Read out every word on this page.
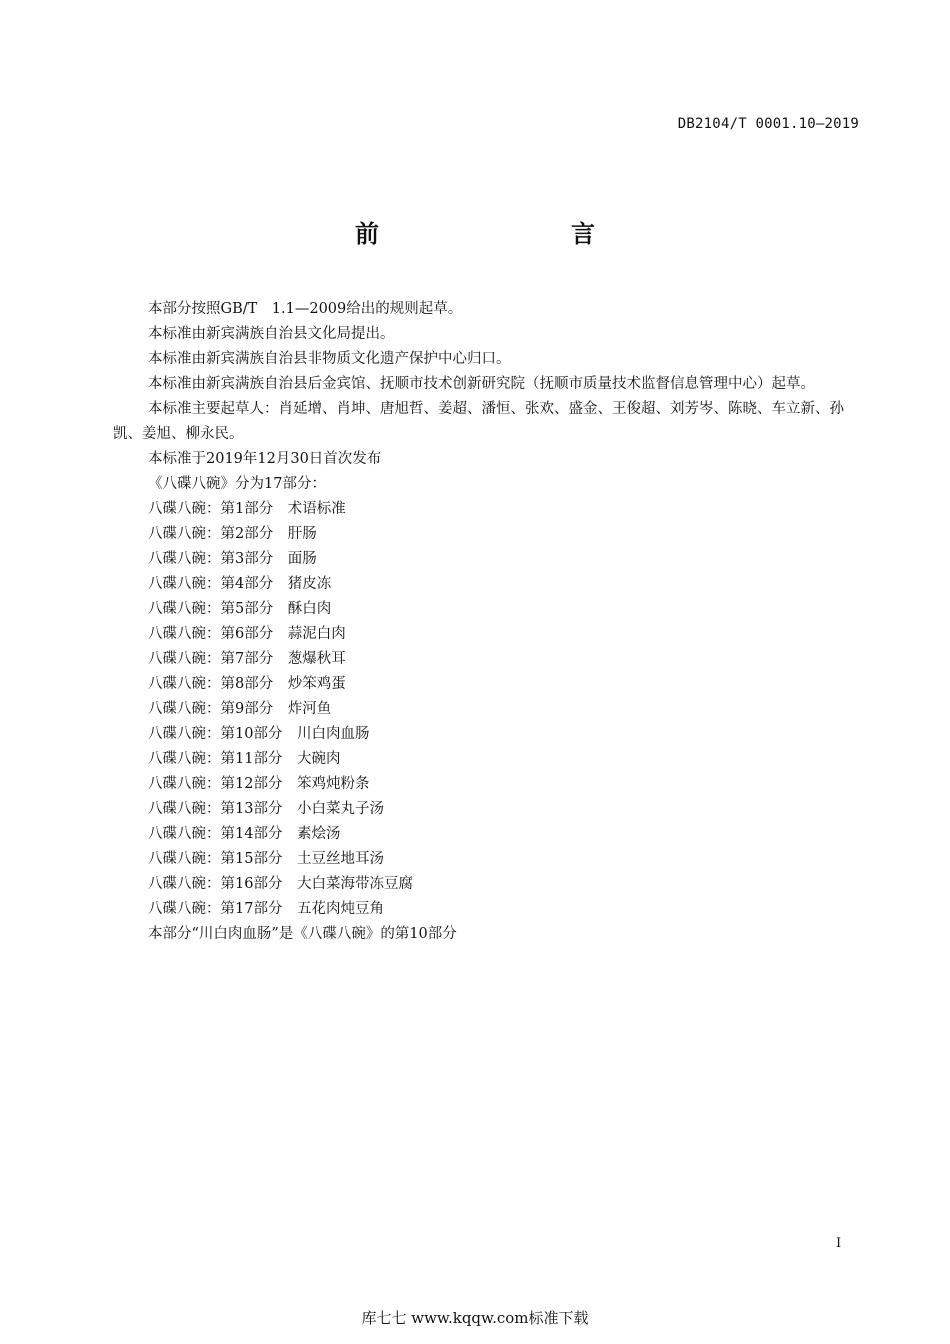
DB2104/T 0001.10—2019
前　　言

本部分按照GB/T　1.1—2009给出的规则起草。

本标准由新宾满族自治县文化局提出。

本标准由新宾满族自治县非物质文化遗产保护中心归口。

本标准由新宾满族自治县后金宾馆、抚顺市技术创新研究院（抚顺市质量技术监督信息管理中心）起草。

本标准主要起草人：肖延增、肖坤、唐旭哲、姜超、潘恒、张欢、盛金、王俊超、刘芳岑、陈晓、车立新、孙凯、姜旭、柳永民。

本标准于2019年12月30日首次发布

《八碟八碗》分为17部分：

八碟八碗：第1部分　术语标准

八碟八碗：第2部分　肝肠

八碟八碗：第3部分　面肠

八碟八碗：第4部分　猪皮冻

八碟八碗：第5部分　酥白肉

八碟八碗：第6部分　蒜泥白肉

八碟八碗：第7部分　葱爆秋耳

八碟八碗：第8部分　炒笨鸡蛋

八碟八碗：第9部分　炸河鱼

八碟八碗：第10部分　川白肉血肠

八碟八碗：第11部分　大碗肉

八碟八碗：第12部分　笨鸡炖粉条

八碟八碗：第13部分　小白菜丸子汤

八碟八碗：第14部分　素烩汤

八碟八碗：第15部分　土豆丝地耳汤

八碟八碗：第16部分　大白菜海带冻豆腐

八碟八碗：第17部分　五花肉炖豆角

本部分“川白肉血肠”是《八碟八碗》的第10部分

I
库七七 www.kqqw.com标准下载
